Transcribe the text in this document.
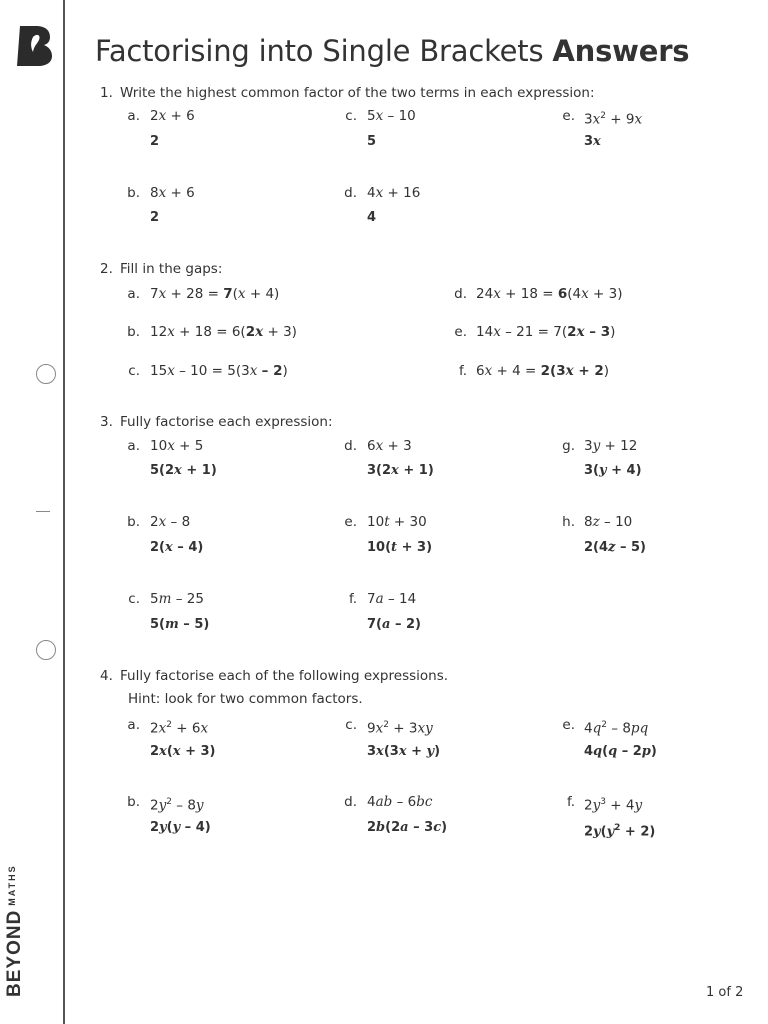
$BEYOND^{MATHS}$
Factorising into Single Brackets Answers
1. Write the highest common factor of the two terms in each expression:
a. 2x + 6
2
b. 8x + 6
2
c. 5x – 10
5
d. 4x + 16
4
e. $3x^2 + 9x$
3x
2. Fill in the gaps:
a. 7x + 28 = 7(x + 4)
b. 12x + 18 = 6(2x + 3)
c. 15x – 10 = 5(3x – 2)
d. 24x + 18 = 6(4x + 3)
e. 14x – 21 = 7(2x – 3)
f. 6x + 4 = 2(3x + 2)
3. Fully factorise each expression:
a. 10x + 5
5(2x + 1)
b. 2x – 8
2(x – 4)
c. 5m – 25
5(m – 5)
d. 6x + 3
3(2x + 1)
e. 10t + 30
10(t + 3)
f. 7a – 14
7(a – 2)
g. 3y + 12
3(y + 4)
h. 8z – 10
2(4z – 5)
4. Fully factorise each of the following expressions.
Hint: look for two common factors.
a. $2x^2 + 6x$
2x(x + 3)
b. $2y^2 - 8y$
2y(y – 4)
c. $9x^2 + 3xy$
3x(3x + y)
d. 4ab – 6bc
2b(2a – 3c)
e. $4q^2 - 8pq$
4q(q – 2p)
f. $2y^3 + 4y$
$2y(y^2 + 2)$
1 of 2
